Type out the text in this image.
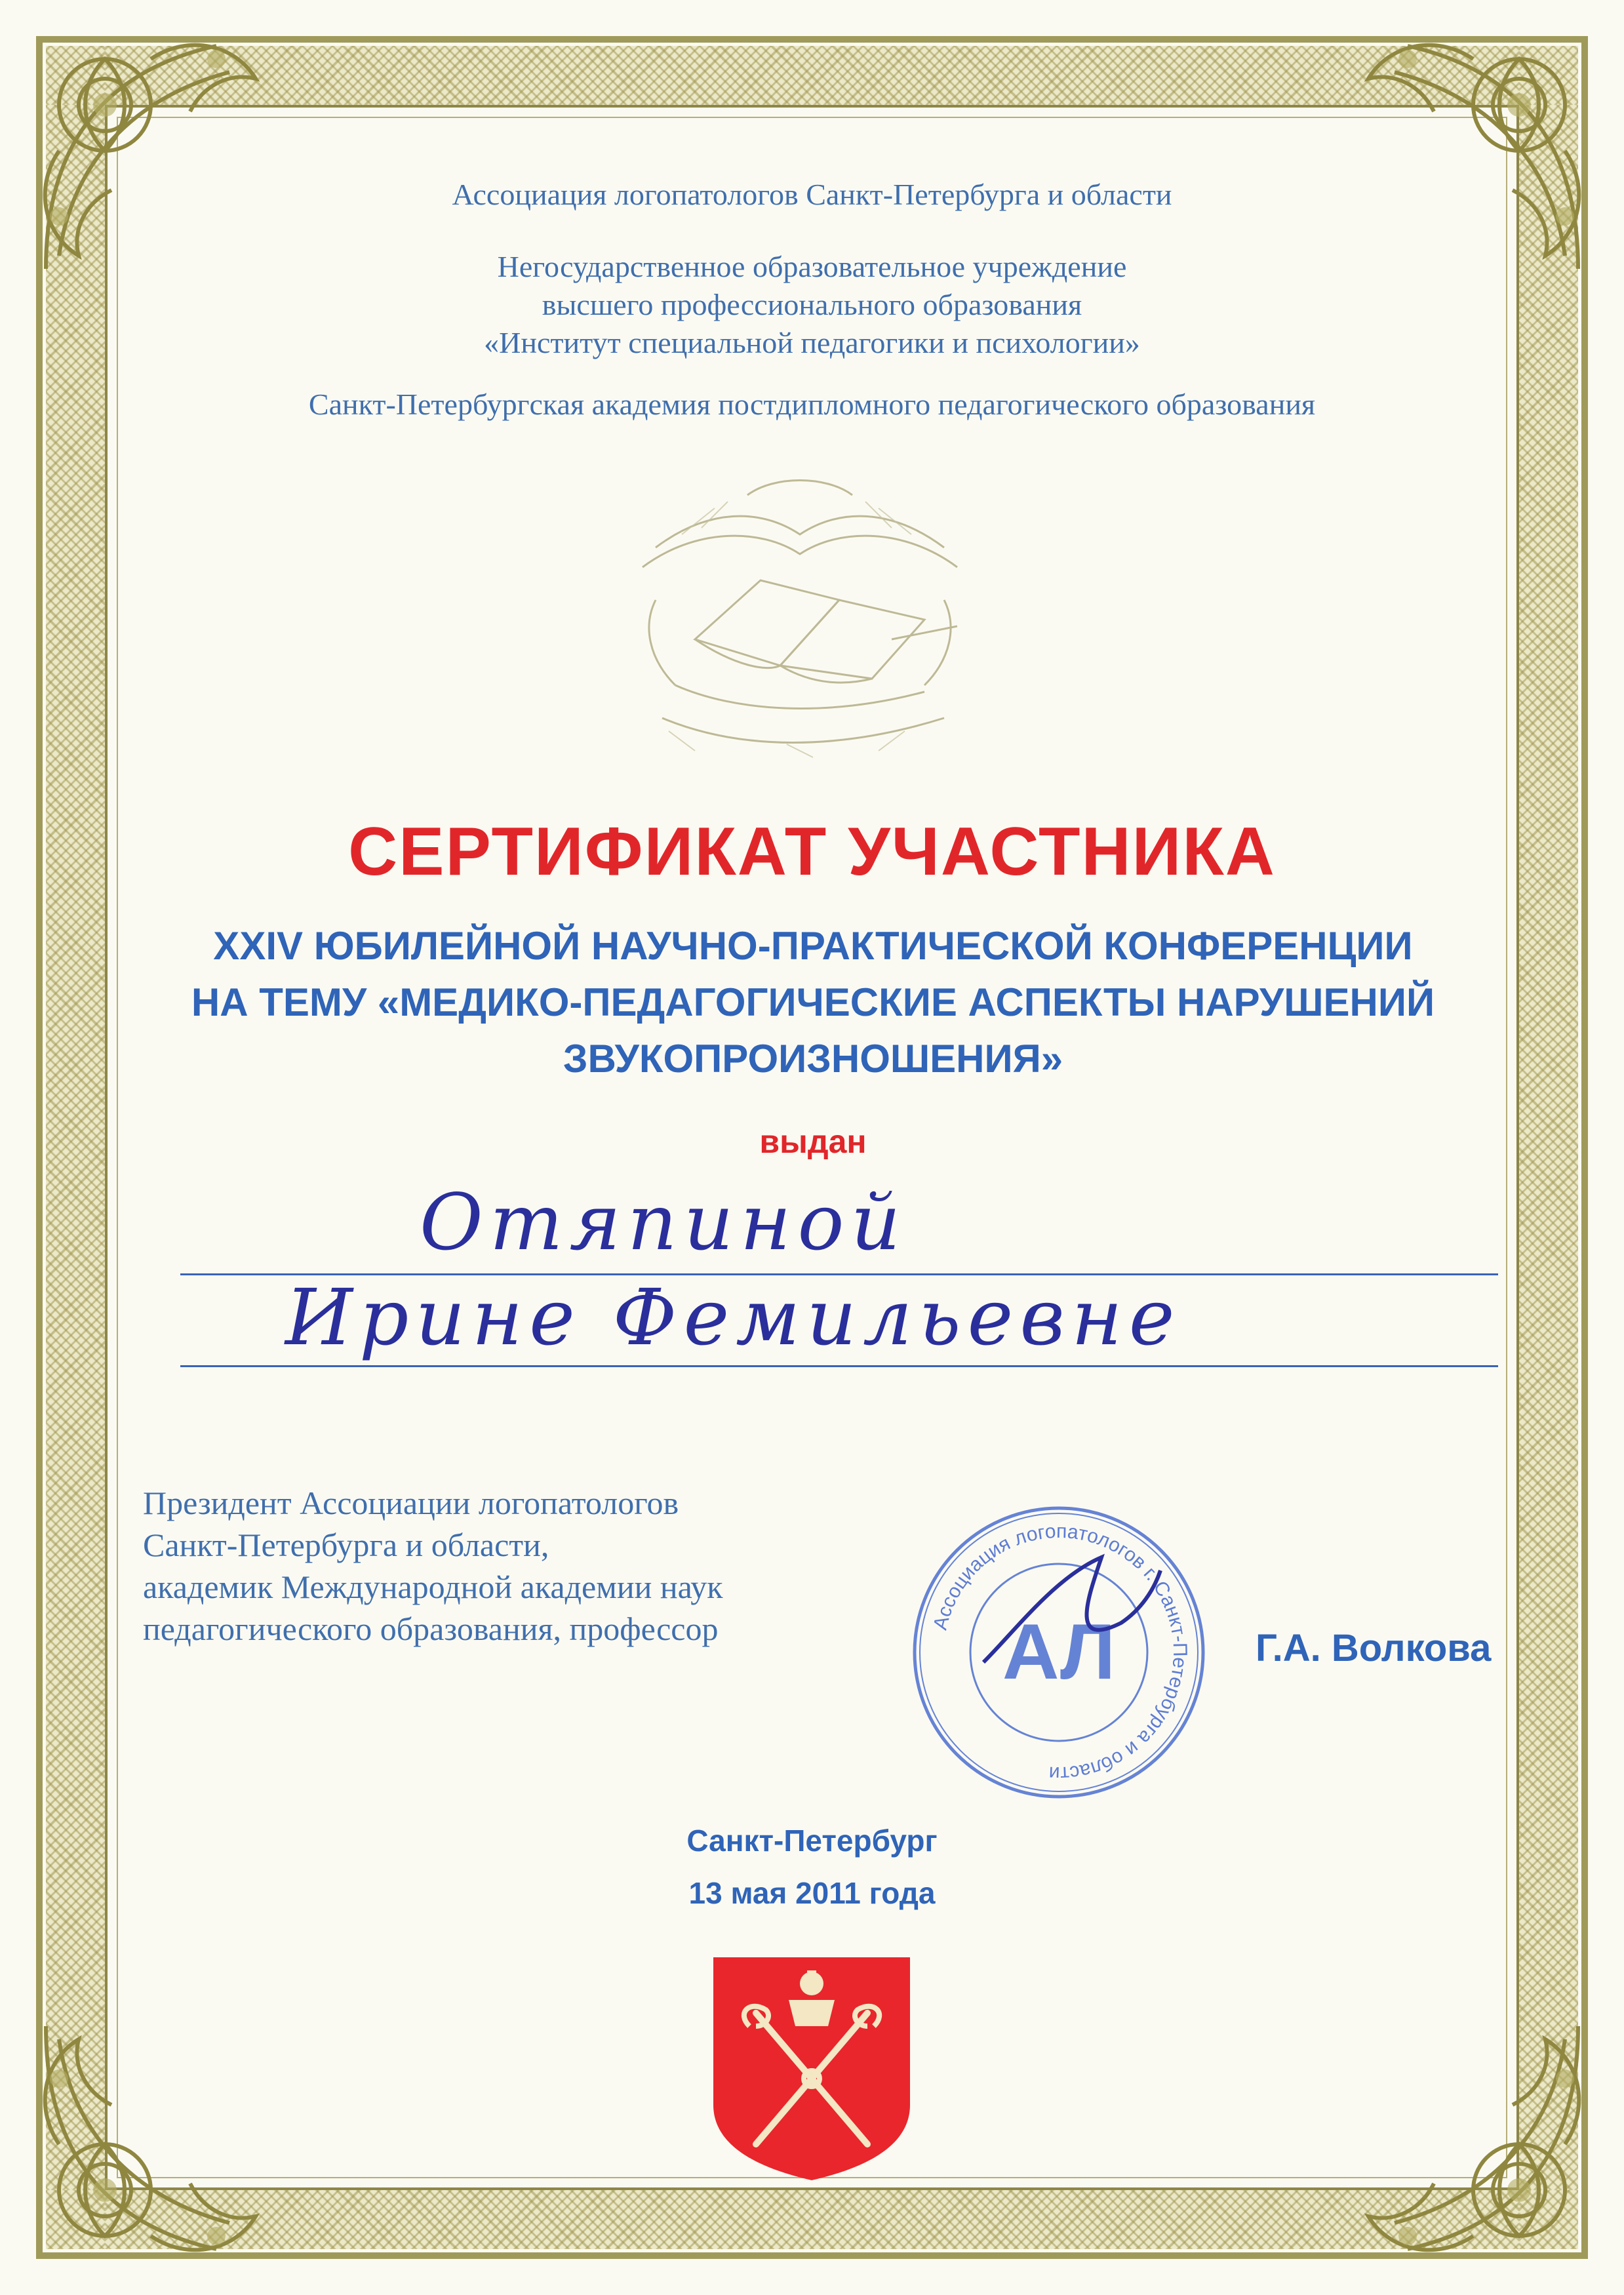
Ассоциация логопатологов Санкт-Петербурга и области
Негосударственное образовательное учреждение
высшего профессионального образования
«Институт специальной педагогики и психологии»
Санкт-Петербургская академия постдипломного педагогического образования
СЕРТИФИКАТ УЧАСТНИКА
XXIV ЮБИЛЕЙНОЙ НАУЧНО-ПРАКТИЧЕСКОЙ КОНФЕРЕНЦИИ
НА ТЕМУ «МЕДИКО-ПЕДАГОГИЧЕСКИЕ АСПЕКТЫ НАРУШЕНИЙ
ЗВУКОПРОИЗНОШЕНИЯ»
выдан
Отяпиной
Ирине Фемильевне
Президент Ассоциации логопатологов
Санкт-Петербурга и области,
академик Международной академии наук
педагогического образования, профессор	Ассоциация логопатологов г. Санкт-Петербурга и области
АЛ	Г.А. Волкова
Санкт-Петербург
13 мая 2011 года
